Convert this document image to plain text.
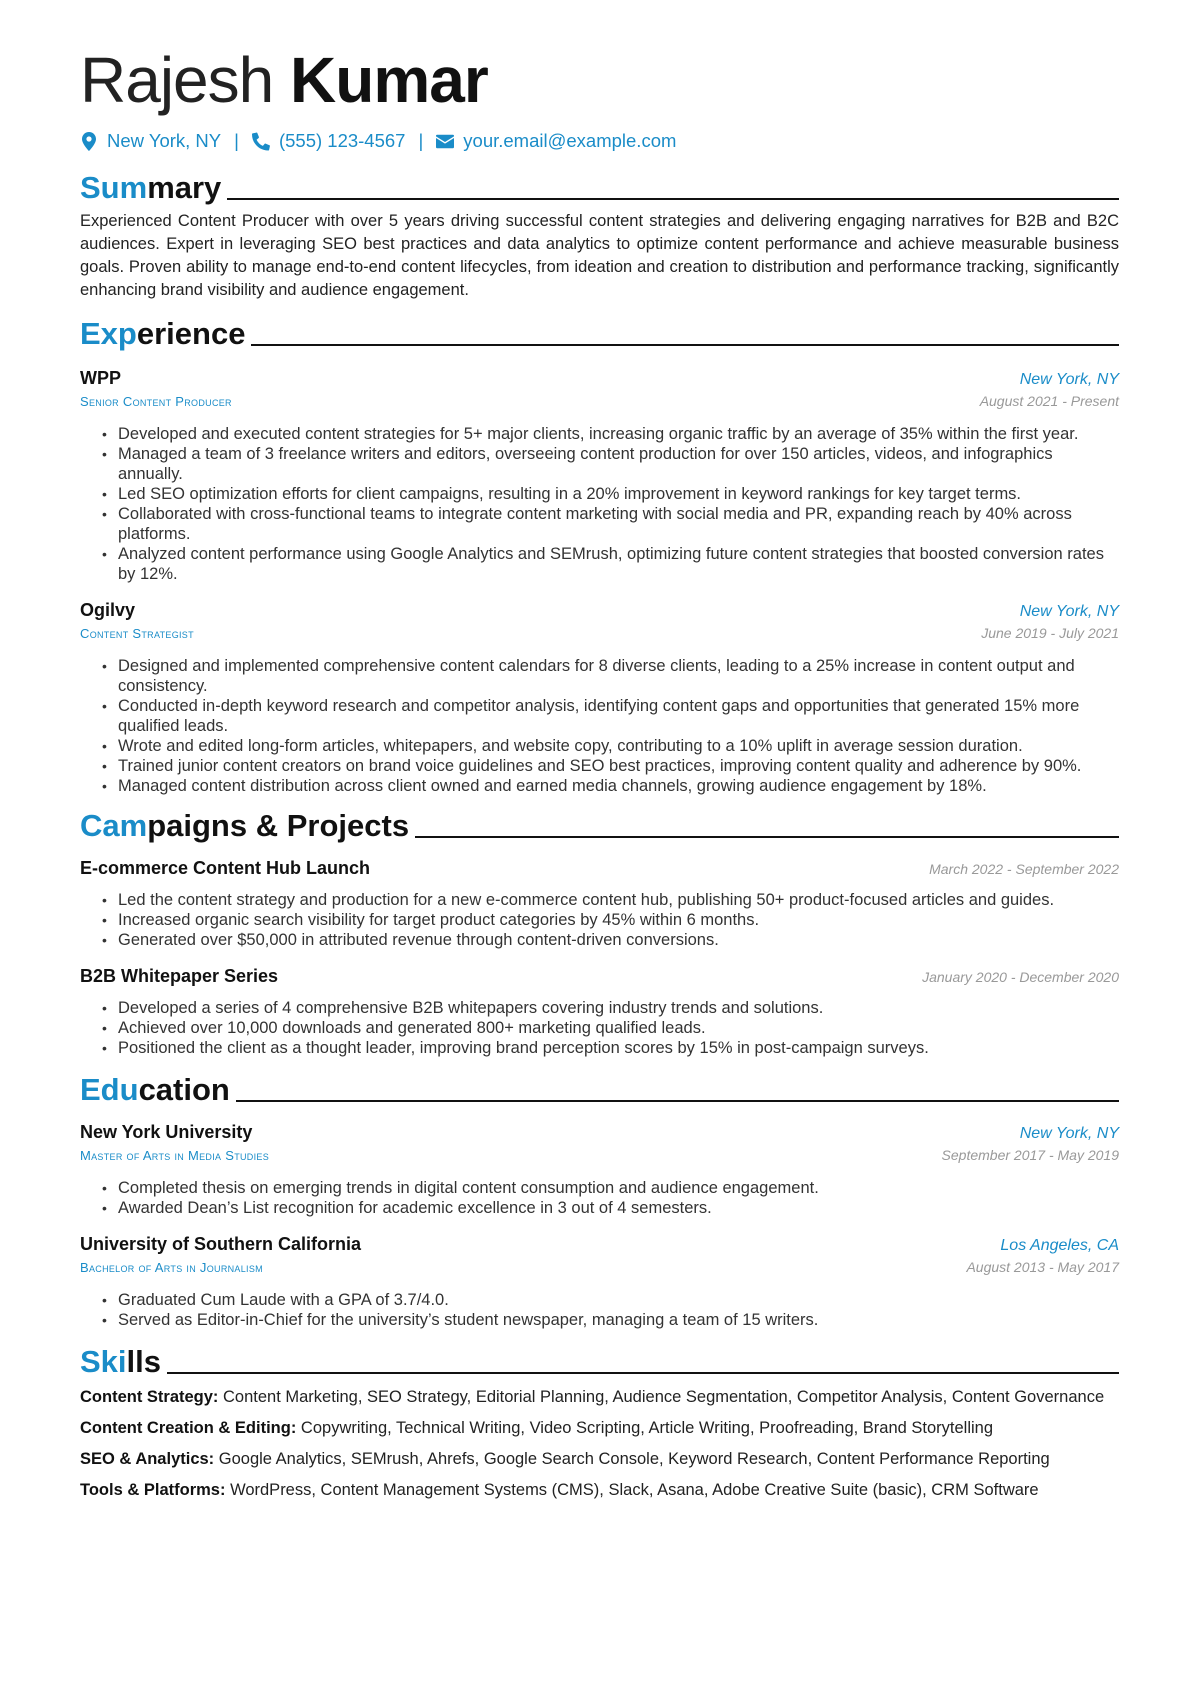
Rajesh Kumar
New York, NY | (555) 123-4567 | your.email@example.com
Summary

Experienced Content Producer with over 5 years driving successful content strategies and delivering engaging narratives for B2B and B2C audiences. Expert in leveraging SEO best practices and data analytics to optimize content performance and achieve measurable business goals. Proven ability to manage end-to-end content lifecycles, from ideation and creation to distribution and performance tracking, significantly enhancing brand visibility and audience engagement.

Experience
WPP	New York, NY
Senior Content Producer	August 2021 - Present
• Developed and executed content strategies for 5+ major clients, increasing organic traffic by an average of 35% within the first year.
• Managed a team of 3 freelance writers and editors, overseeing content production for over 150 articles, videos, and infographics annually.
• Led SEO optimization efforts for client campaigns, resulting in a 20% improvement in keyword rankings for key target terms.
• Collaborated with cross-functional teams to integrate content marketing with social media and PR, expanding reach by 40% across platforms.
• Analyzed content performance using Google Analytics and SEMrush, optimizing future content strategies that boosted conversion rates by 12%.
Ogilvy	New York, NY
Content Strategist	June 2019 - July 2021
• Designed and implemented comprehensive content calendars for 8 diverse clients, leading to a 25% increase in content output and consistency.
• Conducted in-depth keyword research and competitor analysis, identifying content gaps and opportunities that generated 15% more qualified leads.
• Wrote and edited long-form articles, whitepapers, and website copy, contributing to a 10% uplift in average session duration.
• Trained junior content creators on brand voice guidelines and SEO best practices, improving content quality and adherence by 90%.
• Managed content distribution across client owned and earned media channels, growing audience engagement by 18%.
Campaigns & Projects
E-commerce Content Hub Launch	March 2022 - September 2022
• Led the content strategy and production for a new e-commerce content hub, publishing 50+ product-focused articles and guides.
• Increased organic search visibility for target product categories by 45% within 6 months.
• Generated over $50,000 in attributed revenue through content-driven conversions.
B2B Whitepaper Series	January 2020 - December 2020
• Developed a series of 4 comprehensive B2B whitepapers covering industry trends and solutions.
• Achieved over 10,000 downloads and generated 800+ marketing qualified leads.
• Positioned the client as a thought leader, improving brand perception scores by 15% in post-campaign surveys.
Education
New York University	New York, NY
Master of Arts in Media Studies	September 2017 - May 2019
• Completed thesis on emerging trends in digital content consumption and audience engagement.
• Awarded Dean’s List recognition for academic excellence in 3 out of 4 semesters.
University of Southern California	Los Angeles, CA
Bachelor of Arts in Journalism	August 2013 - May 2017
• Graduated Cum Laude with a GPA of 3.7/4.0.
• Served as Editor-in-Chief for the university’s student newspaper, managing a team of 15 writers.
Skills

Content Strategy: Content Marketing, SEO Strategy, Editorial Planning, Audience Segmentation, Competitor Analysis, Content Governance

Content Creation & Editing: Copywriting, Technical Writing, Video Scripting, Article Writing, Proofreading, Brand Storytelling

SEO & Analytics: Google Analytics, SEMrush, Ahrefs, Google Search Console, Keyword Research, Content Performance Reporting

Tools & Platforms: WordPress, Content Management Systems (CMS), Slack, Asana, Adobe Creative Suite (basic), CRM Software
